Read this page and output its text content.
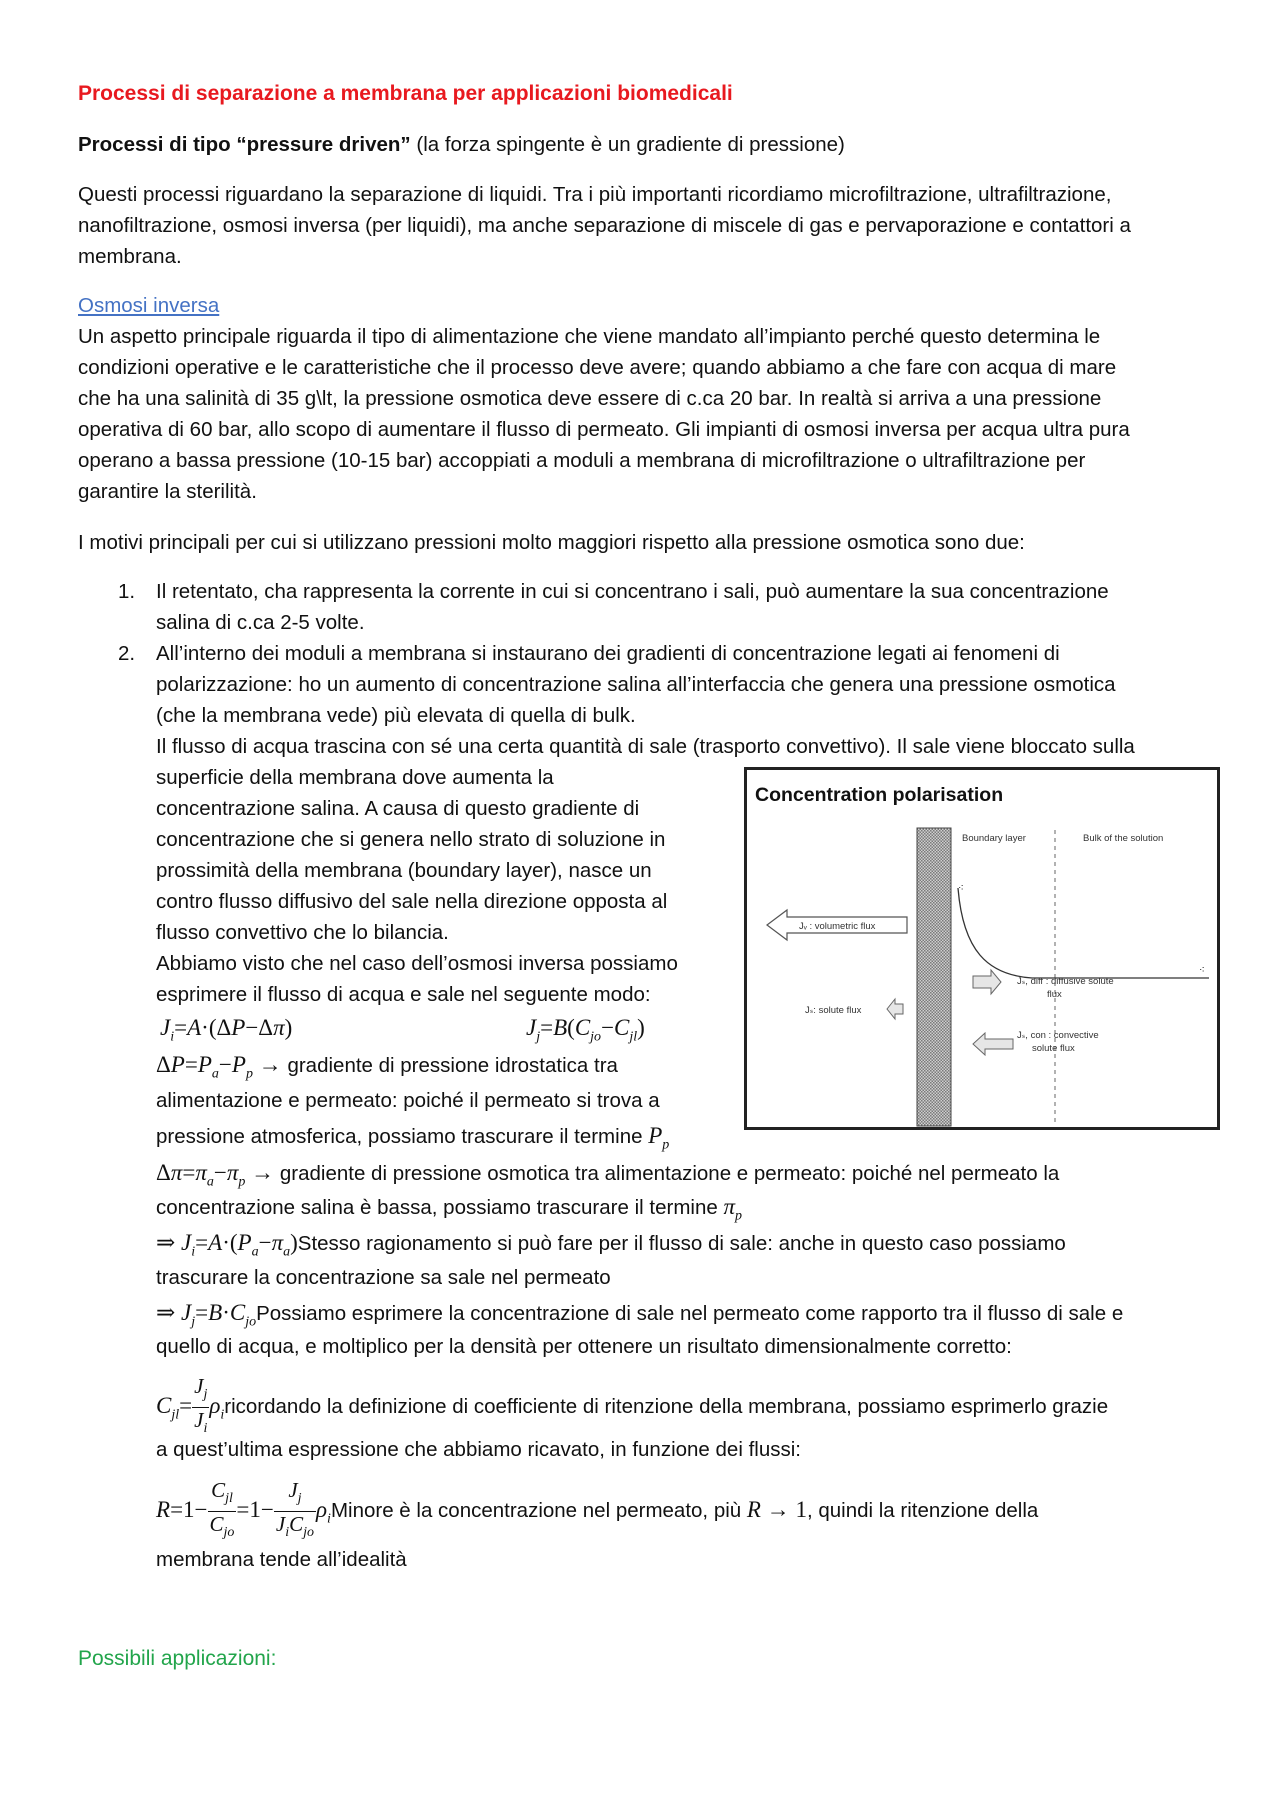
Processi di separazione a membrana per applicazioni biomedicali

Processi di tipo “pressure driven” (la forza spingente è un gradiente di pressione)

Questi processi riguardano la separazione di liquidi. Tra i più importanti ricordiamo microfiltrazione, ultrafiltrazione,

nanofiltrazione, osmosi inversa (per liquidi), ma anche separazione di miscele di gas e pervaporazione e contattori a

membrana.

Osmosi inversa

Un aspetto principale riguarda il tipo di alimentazione che viene mandato all’impianto perché questo determina le

condizioni operative e le caratteristiche che il processo deve avere; quando abbiamo a che fare con acqua di mare

che ha una salinità di 35 g\lt, la pressione osmotica deve essere di c.ca 20 bar. In realtà si arriva a una pressione

operativa di 60 bar, allo scopo di aumentare il flusso di permeato. Gli impianti di osmosi inversa per acqua ultra pura

operano a bassa pressione (10-15 bar) accoppiati a moduli a membrana di microfiltrazione o ultrafiltrazione per

garantire la sterilità.

I motivi principali per cui si utilizzano pressioni molto maggiori rispetto alla pressione osmotica sono due:

1. Il retentato, cha rappresenta la corrente in cui si concentrano i sali, può aumentare la sua concentrazione

salina di c.ca 2-5 volte.

2. All’interno dei moduli a membrana si instaurano dei gradienti di concentrazione legati ai fenomeni di

polarizzazione: ho un aumento di concentrazione salina all’interfaccia che genera una pressione osmotica

(che la membrana vede) più elevata di quella di bulk.

Il flusso di acqua trascina con sé una certa quantità di sale (trasporto convettivo). Il sale viene bloccato sulla

superficie della membrana dove aumenta la

concentrazione salina. A causa di questo gradiente di

concentrazione che si genera nello strato di soluzione in

prossimità della membrana (boundary layer), nasce un

contro flusso diffusivo del sale nella direzione opposta al

flusso convettivo che lo bilancia.

Abbiamo visto che nel caso dell’osmosi inversa possiamo

esprimere il flusso di acqua e sale nel seguente modo:

$J_i=A\cdot(\Delta P-\Delta\pi)$	$J_j=B(C_{jo}-C_{jl})$
$\Delta P=P_a-P_p$ → gradiente di pressione idrostatica tra

alimentazione e permeato: poiché il permeato si trova a

pressione atmosferica, possiamo trascurare il termine $P_p$
$\Delta\pi=\pi_a-\pi_p$ → gradiente di pressione osmotica tra alimentazione e permeato: poiché nel permeato la
concentrazione salina è bassa, possiamo trascurare il termine $\pi_p$
⇒ $J_i=A\cdot(P_a-\pi_a)Stesso$ ragionamento si può fare per il flusso di sale: anche in questo caso possiamo

trascurare la concentrazione sa sale nel permeato

⇒ $J_j=B\cdot C_{jo}Possiamo$ esprimere la concentrazione di sale nel permeato come rapporto tra il flusso di sale e

quello di acqua, e moltiplico per la densità per ottenere un risultato dimensionalmente corretto:

$C_{jl}= \frac{J_j}{J_i}$ $\rho_iricordando$ la definizione di coefficiente di ritenzione della membrana, possiamo esprimerlo grazie

a quest’ultima espressione che abbiamo ricavato, in funzione dei flussi:

$R=1- \frac{C_{jl}}{C_{jo}} =1- \frac{J_j}{J_iC_{jo}}$ $\rho_iMinore$ è la concentrazione nel permeato, più R → 1, quindi la ritenzione della

membrana tende all’idealità

Possibili applicazioni:

Concentration polarisation
Boundary layer	Bulk of the solution
⁖
⁖
Jᵥ : volumetric flux
Jₛ, diff : diffusive solute
flux
Jₛ: solute flux
Jₛ, con : convective
solute flux
